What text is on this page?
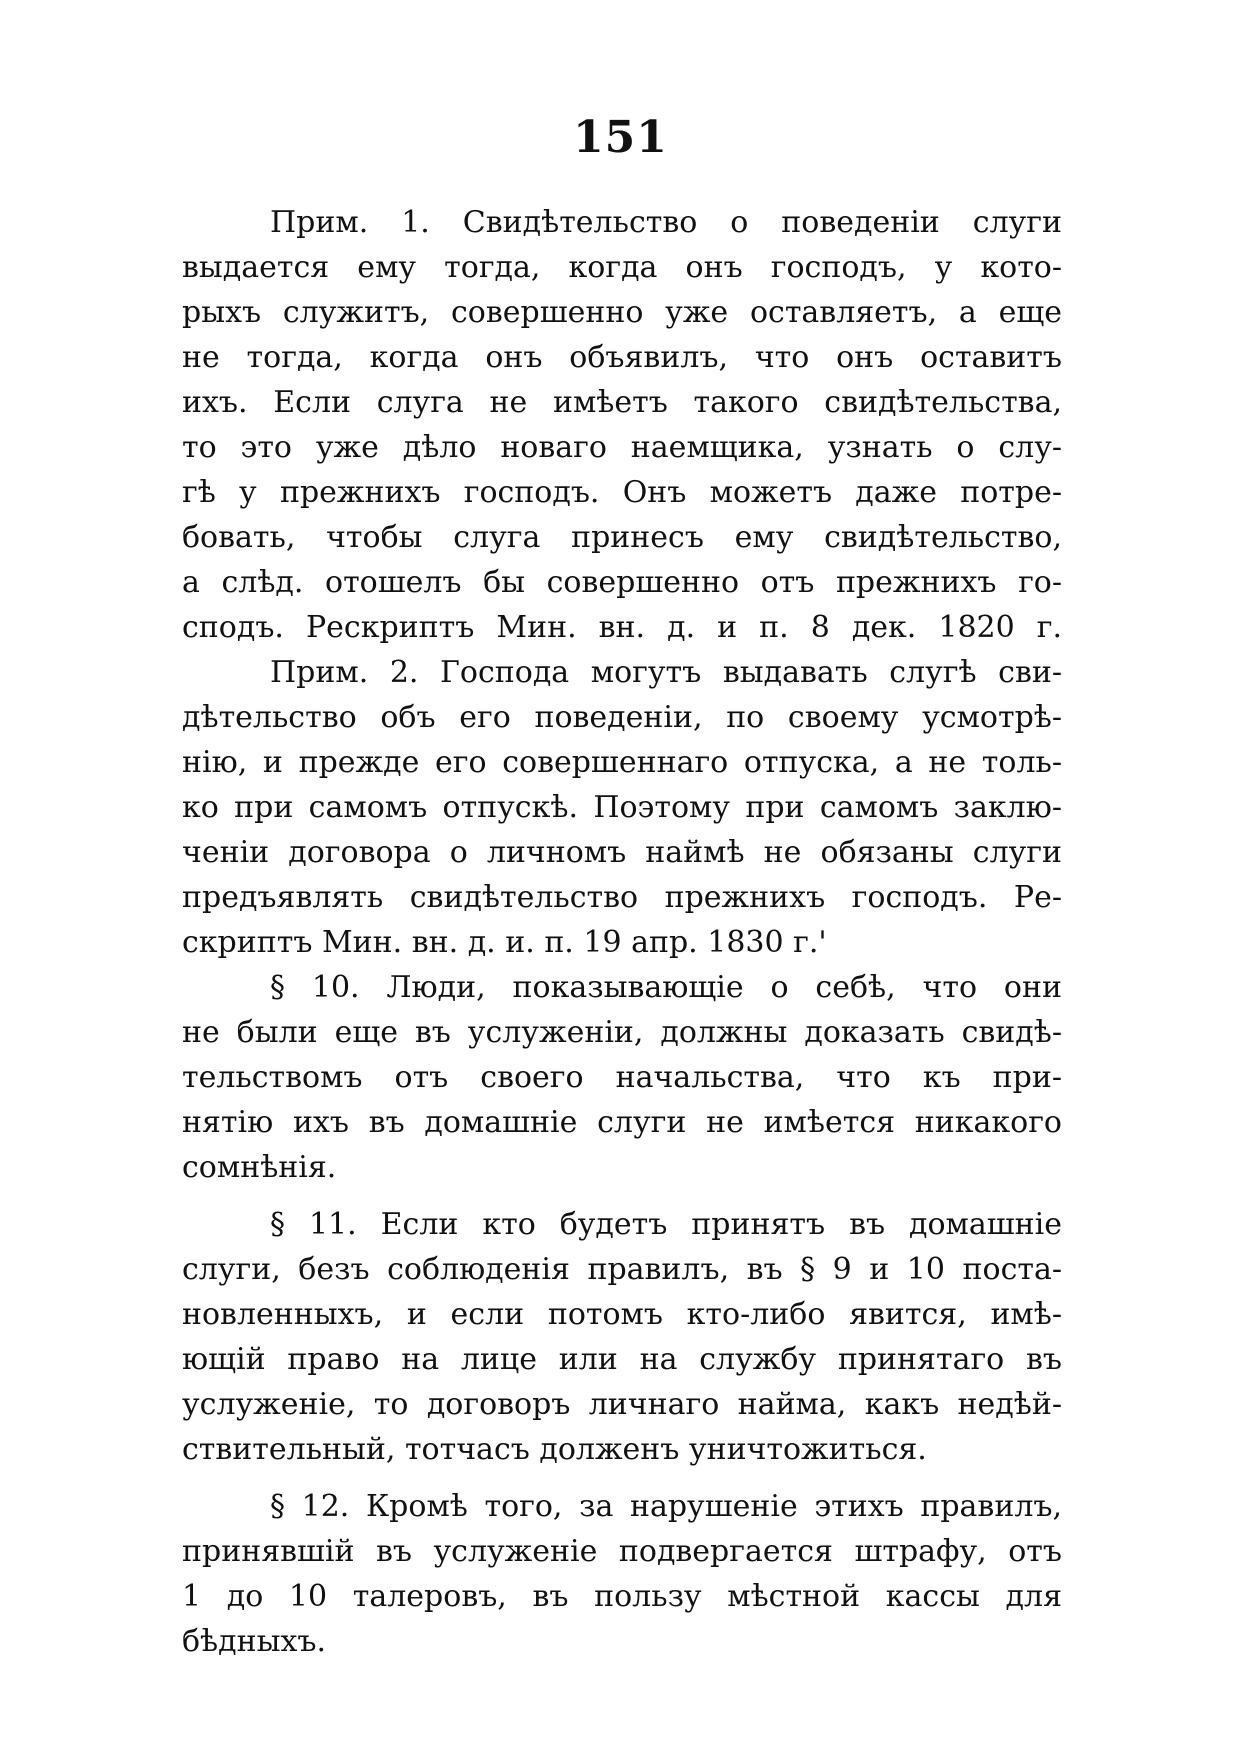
151
Прим. 1. Свидѣтельство о поведенiи слуги
выдается ему тогда, когда онъ господъ, у кото-
рыхъ служитъ, совершенно уже оставляетъ, а еще
не тогда, когда онъ объявилъ, что онъ оставитъ
ихъ. Если слуга не имѣетъ такого свидѣтельства,
то это уже дѣло новаго наемщика, узнать о слу-
гѣ у прежнихъ господъ. Онъ можетъ даже потре-
бовать, чтобы слуга принесъ ему свидѣтельство,
а слѣд. отошелъ бы совершенно отъ прежнихъ го-
сподъ. Рескриптъ Мин. вн. д. и п. 8 дек. 1820 г.
Прим. 2. Господа могутъ выдавать слугѣ сви-
дѣтельство объ его поведенiи, по своему усмотрѣ-
нiю, и прежде его совершеннаго отпуска, а не толь-
ко при самомъ отпускѣ. Поэтому при самомъ заклю-
ченiи договора о личномъ наймѣ не обязаны слуги
предъявлять свидѣтельство прежнихъ господъ. Ре-
скриптъ Мин. вн. д. и. п. 19 апр. 1830 г.'
§ 10. Люди, показывающiе о себѣ, что они
не были еще въ услуженiи, должны доказать свидѣ-
тельствомъ отъ своего начальства, что къ при-
нятiю ихъ въ домашнiе слуги не имѣется никакого
сомнѣнiя.
§ 11. Если кто будетъ принятъ въ домашнiе
слуги, безъ соблюденiя правилъ, въ § 9 и 10 поста-
новленныхъ, и если потомъ кто-либо явится, имѣ-
ющiй право на лице или на службу принятаго въ
услуженiе, то договоръ личнаго найма, какъ недѣй-
ствительный, тотчасъ долженъ уничтожиться.
§ 12. Кромѣ того, за нарушенiе этихъ правилъ,
принявшiй въ услуженiе подвергается штрафу, отъ
1 до 10 талеровъ, въ пользу мѣстной кассы для
бѣдныхъ.
